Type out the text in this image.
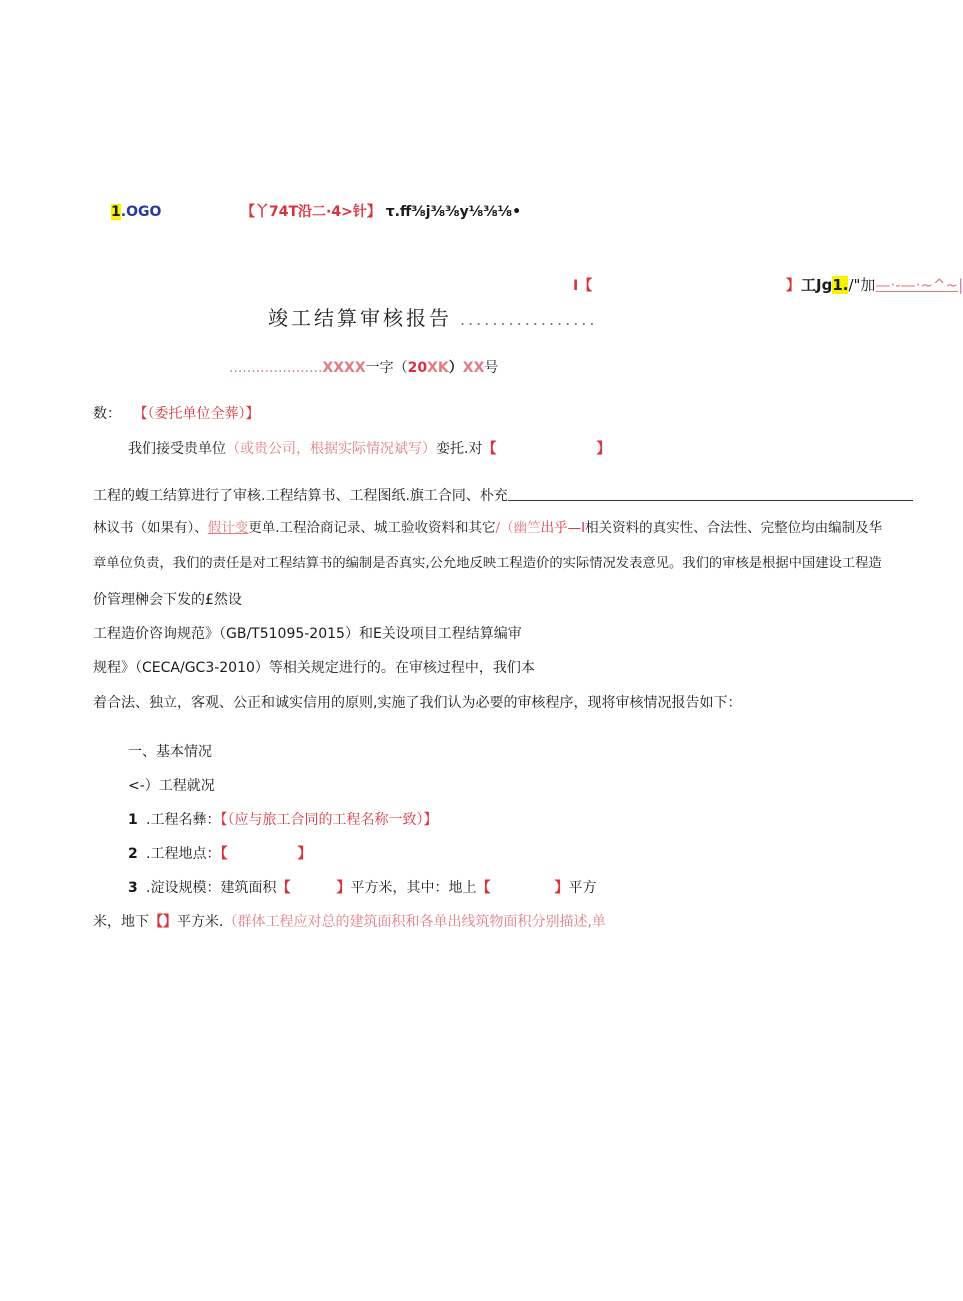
1.OGO	【丫74T沿二·4>针】 τ.ff⅜j⅜⅜y⅛⅜⅛•
I【	】 工Jg1./"加—·-—·~^~|
竣工结算审核报告 .................
.....................XXXX一字（20XK）XX号
数： 【（委托单位全葬）】
我们接受贵单位（或贵公司，根据实际情况斌写）娈托.对【	】
工程的蝮工结算进行了审核.工程结算书、工程图纸.旗工合同、朴充
林议书（如果有）、假计变更单.工程洽商记录、城工验收资料和其它/（幽竺出乎—I相关资料的真实性、合法性、完整位均由编制及华
章单位负责，我们的责任是对工程结算书的编制是否真实,公允地反映工程造价的实际情况发表意见。我们的审核是根据中国建设工程造
价管理榊会下发的£然设
工程造价咨询规范》（GB/T51095-2015）和E关设项目工程结算编审
规程》（CECA/GC3-2010）等相关规定进行的。在审核过程中，我们本
着合法、独立，客观、公正和诚实信用的原则,实施了我们认为必要的审核程序，现将审核情况报告如下：
一、基本情况
<-）工程就况
1 .工程名彝：【（应与旅工合同的工程名称一致）】
2 .工程地点：【	】
3 .淀设规模：建筑面积【	】平方米，其中：地上【	】平方
米，地下【】平方米.（群体工程应对总的建筑面积和各单出线筑物面积分别描述,单
